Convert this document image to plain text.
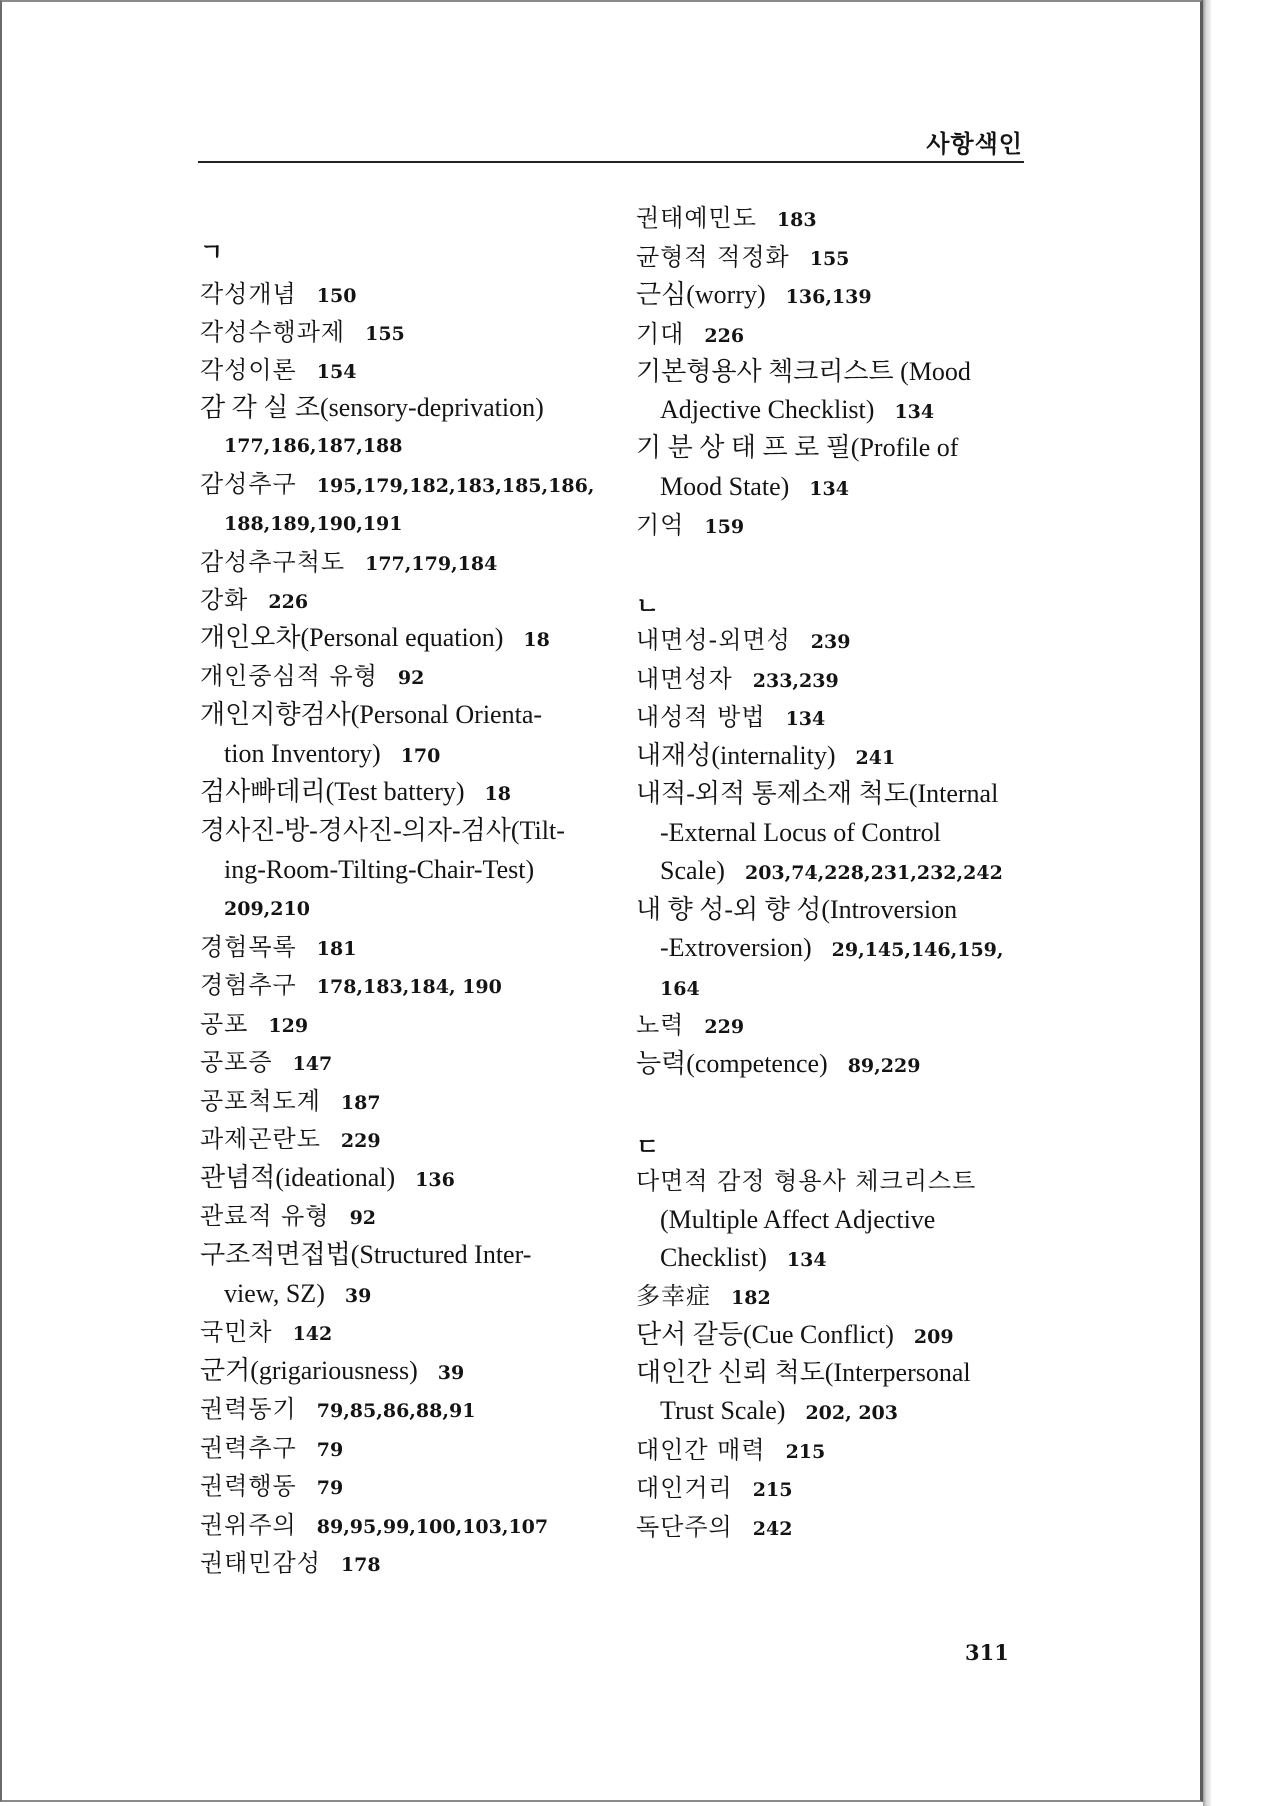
사항색인
ㄱ
각성개념 150
각성수행과제 155
각성이론 154
감 각 실 조(sensory-deprivation)
177,186,187,188
감성추구 195,179,182,183,185,186,
188,189,190,191
감성추구척도 177,179,184
강화 226
개인오차(Personal equation) 18
개인중심적 유형 92
개인지향검사(Personal Orienta-
tion Inventory) 170
검사빠데리(Test battery) 18
경사진-방-경사진-의자-검사(Tilt-
ing-Room-Tilting-Chair-Test)
209,210
경험목록 181
경험추구 178,183,184, 190
공포 129
공포증 147
공포척도계 187
과제곤란도 229
관념적(ideational) 136
관료적 유형 92
구조적면접법(Structured Inter-
view, SZ) 39
국민차 142
군거(grigariousness) 39
권력동기 79,85,86,88,91
권력추구 79
권력행동 79
권위주의 89,95,99,100,103,107
권태민감성 178
권태예민도 183
균형적 적정화 155
근심(worry) 136,139
기대 226
기본형용사 첵크리스트 (Mood
Adjective Checklist) 134
기 분 상 태 프 로 필(Profile of
Mood State) 134
기억 159
ㄴ
내면성-외면성 239
내면성자 233,239
내성적 방법 134
내재성(internality) 241
내적-외적 통제소재 척도(Internal
-External Locus of Control
Scale) 203,74,228,231,232,242
내 향 성-외 향 성(Introversion
-Extroversion) 29,145,146,159,
164
노력 229
능력(competence) 89,229
ㄷ
다면적 감정 형용사 체크리스트
(Multiple Affect Adjective
Checklist) 134
多幸症 182
단서 갈등(Cue Conflict) 209
대인간 신뢰 척도(Interpersonal
Trust Scale) 202, 203
대인간 매력 215
대인거리 215
독단주의 242
311
